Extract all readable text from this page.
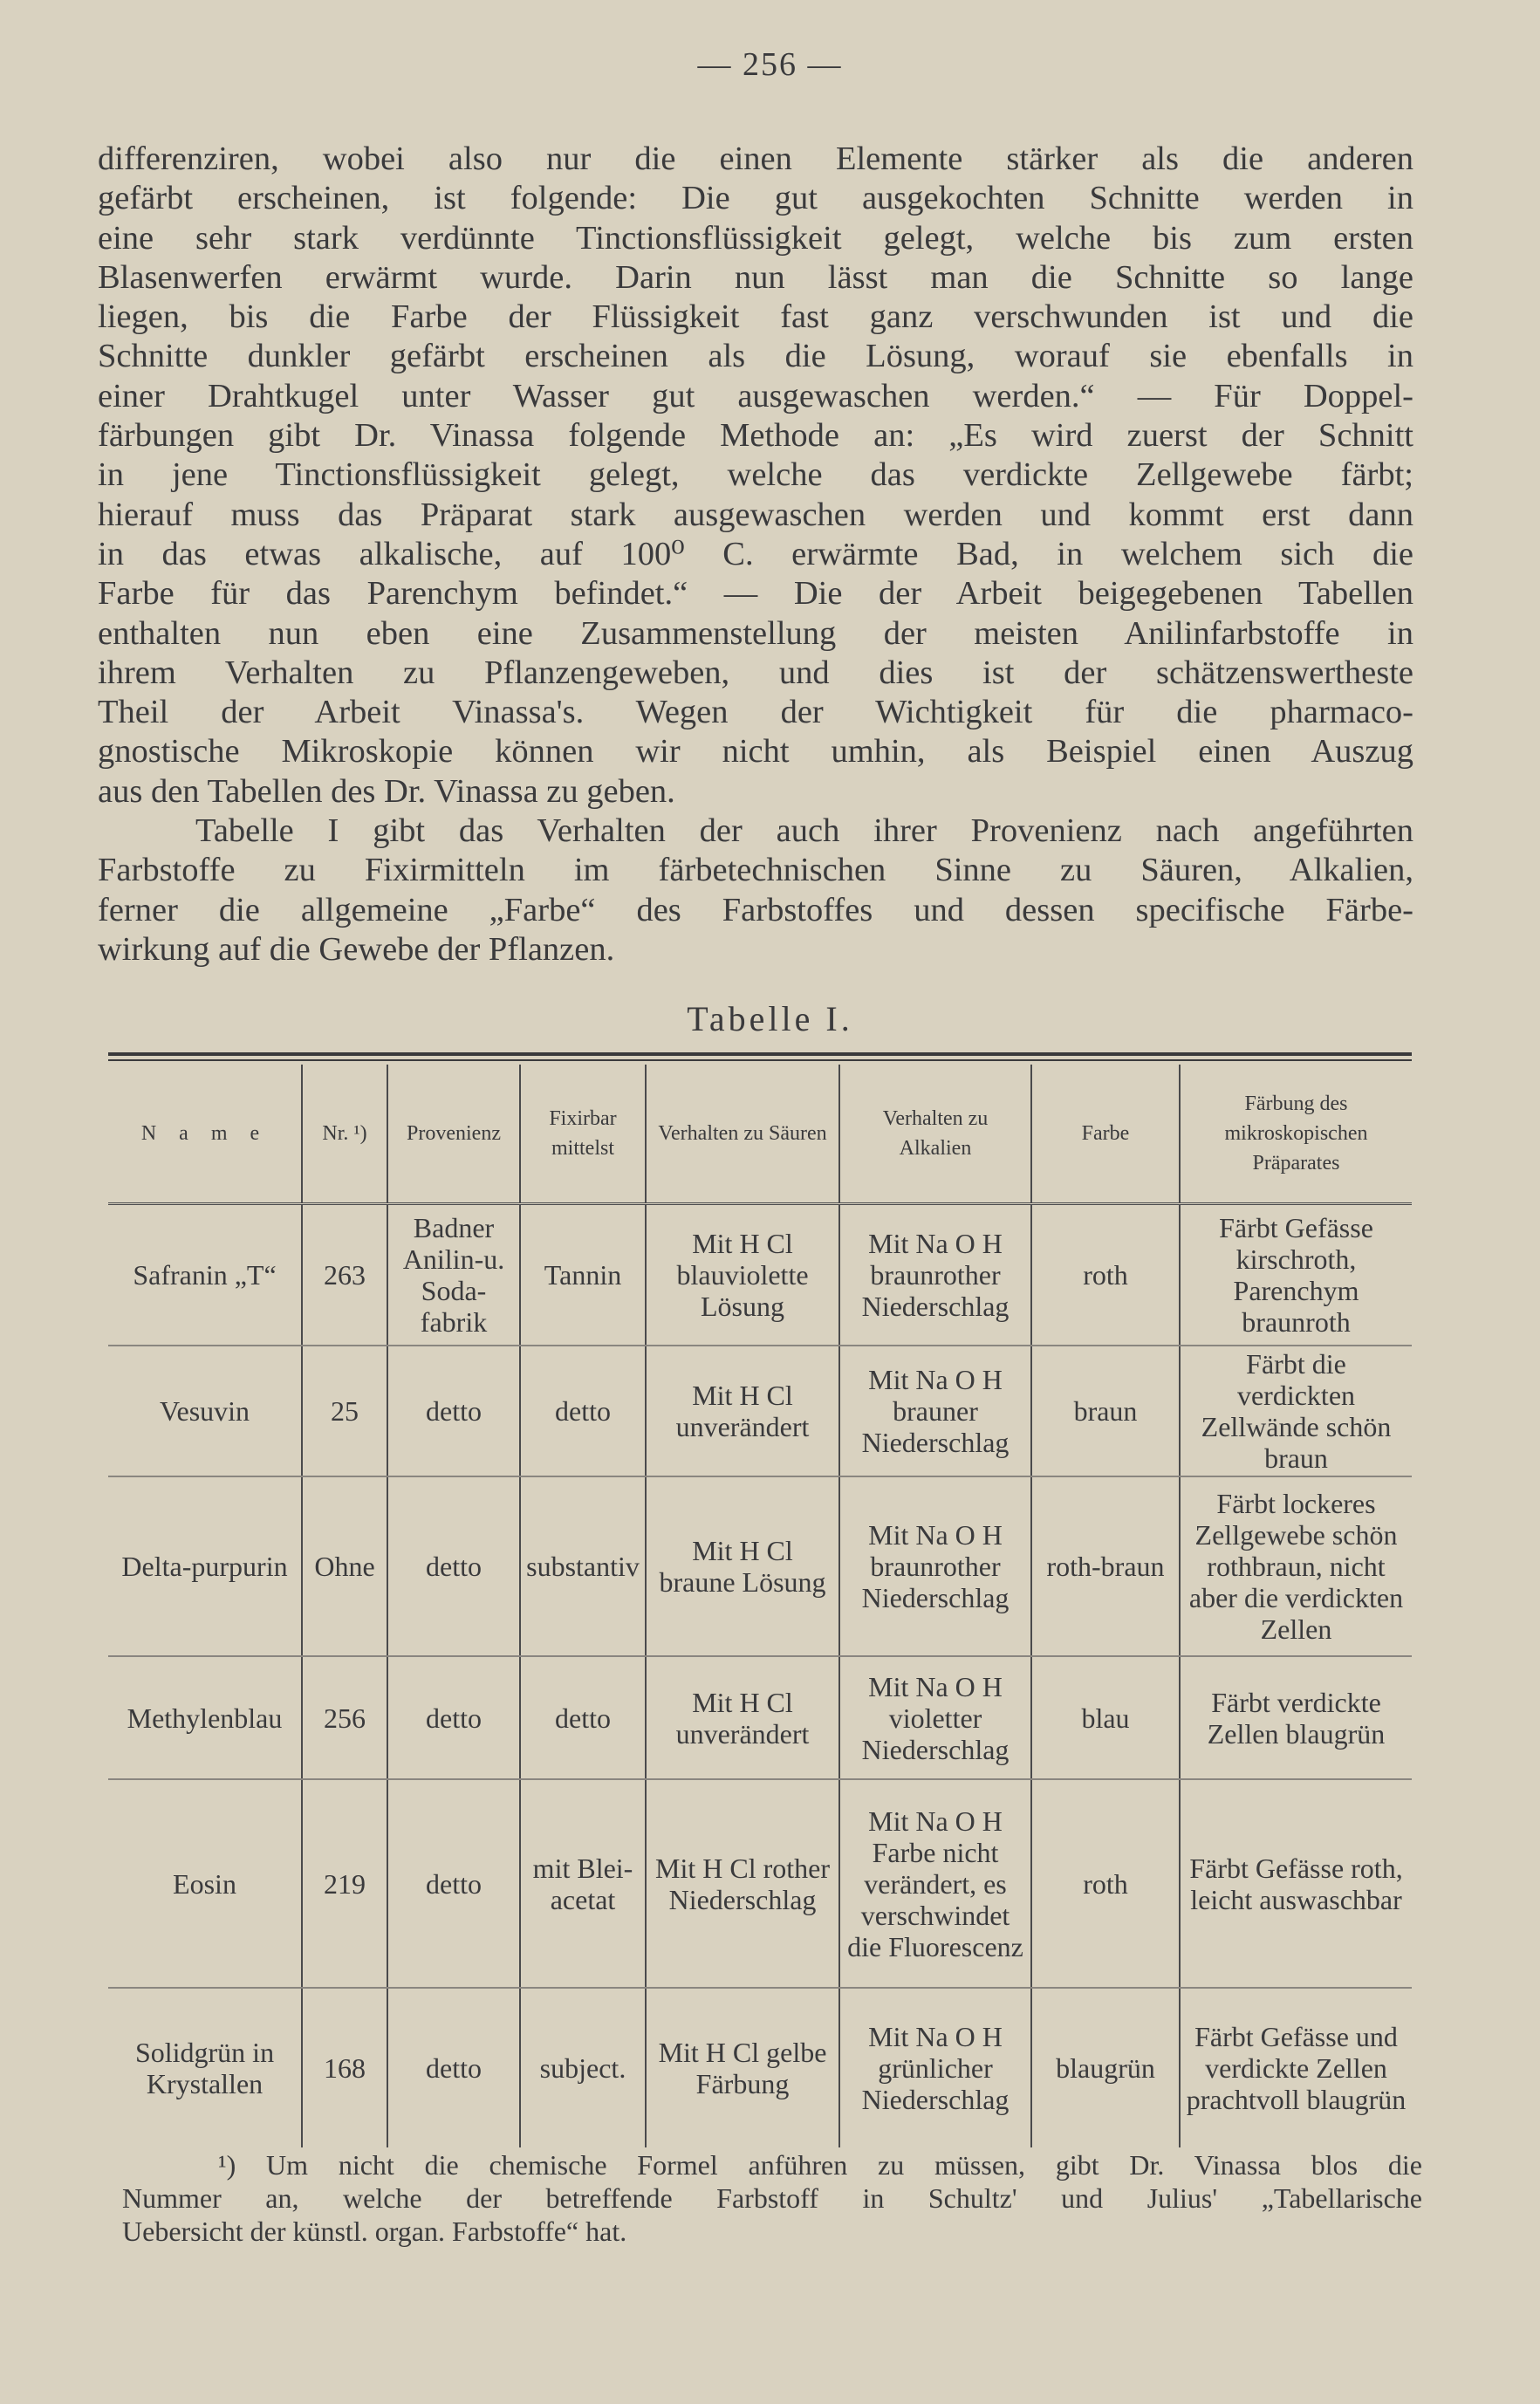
— 256 —
differenziren, wobei also nur die einen Elemente stärker als die anderen
gefärbt erscheinen, ist folgende: Die gut ausgekochten Schnitte werden in
eine sehr stark verdünnte Tinctionsflüssigkeit gelegt, welche bis zum ersten
Blasenwerfen erwärmt wurde. Darin nun lässt man die Schnitte so lange
liegen, bis die Farbe der Flüssigkeit fast ganz verschwunden ist und die
Schnitte dunkler gefärbt erscheinen als die Lösung, worauf sie ebenfalls in
einer Drahtkugel unter Wasser gut ausgewaschen werden.“ — Für Doppel-
färbungen gibt Dr. Vinassa folgende Methode an: „Es wird zuerst der Schnitt
in jene Tinctionsflüssigkeit gelegt, welche das verdickte Zellgewebe färbt;
hierauf muss das Präparat stark ausgewaschen werden und kommt erst dann
in das etwas alkalische, auf 100⁰ C. erwärmte Bad, in welchem sich die
Farbe für das Parenchym befindet.“ — Die der Arbeit beigegebenen Tabellen
enthalten nun eben eine Zusammenstellung der meisten Anilinfarbstoffe in
ihrem Verhalten zu Pflanzengeweben, und dies ist der schätzenswertheste
Theil der Arbeit Vinassa's. Wegen der Wichtigkeit für die pharmaco-
gnostische Mikroskopie können wir nicht umhin, als Beispiel einen Auszug
aus den Tabellen des Dr. Vinassa zu geben.
Tabelle I gibt das Verhalten der auch ihrer Provenienz nach angeführten
Farbstoffe zu Fixirmitteln im färbetechnischen Sinne zu Säuren, Alkalien,
ferner die allgemeine „Farbe“ des Farbstoffes und dessen specifische Färbe-
wirkung auf die Gewebe der Pflanzen.
Tabelle I.
N a m e	Nr. ¹)	Provenienz	Fixirbar mittelst	Verhalten zu Säuren	Verhalten zu Alkalien	Farbe	Färbung des mikroskopischen Präparates
Safranin „T“	263	Badner Anilin-u. Soda-fabrik	Tannin	Mit H Cl blauviolette Lösung	Mit Na O H braunrother Niederschlag	roth	Färbt Gefässe kirschroth, Parenchym braunroth
Vesuvin	25	detto	detto	Mit H Cl unverändert	Mit Na O H brauner Niederschlag	braun	Färbt die verdickten Zellwände schön braun
Delta-purpurin	Ohne	detto	substantiv	Mit H Cl braune Lösung	Mit Na O H braunrother Niederschlag	roth-braun	Färbt lockeres Zellgewebe schön rothbraun, nicht aber die verdickten Zellen
Methylenblau	256	detto	detto	Mit H Cl unverändert	Mit Na O H violetter Niederschlag	blau	Färbt verdickte Zellen blaugrün
Eosin	219	detto	mit Blei-acetat	Mit H Cl rother Niederschlag	Mit Na O H Farbe nicht verändert, es verschwindet die Fluorescenz	roth	Färbt Gefässe roth, leicht auswaschbar
Solidgrün in Krystallen	168	detto	subject.	Mit H Cl gelbe Färbung	Mit Na O H grünlicher Niederschlag	blaugrün	Färbt Gefässe und verdickte Zellen prachtvoll blaugrün
¹) Um nicht die chemische Formel anführen zu müssen, gibt Dr. Vinassa blos die
Nummer an, welche der betreffende Farbstoff in Schultz' und Julius' „Tabellarische
Uebersicht der künstl. organ. Farbstoffe“ hat.
